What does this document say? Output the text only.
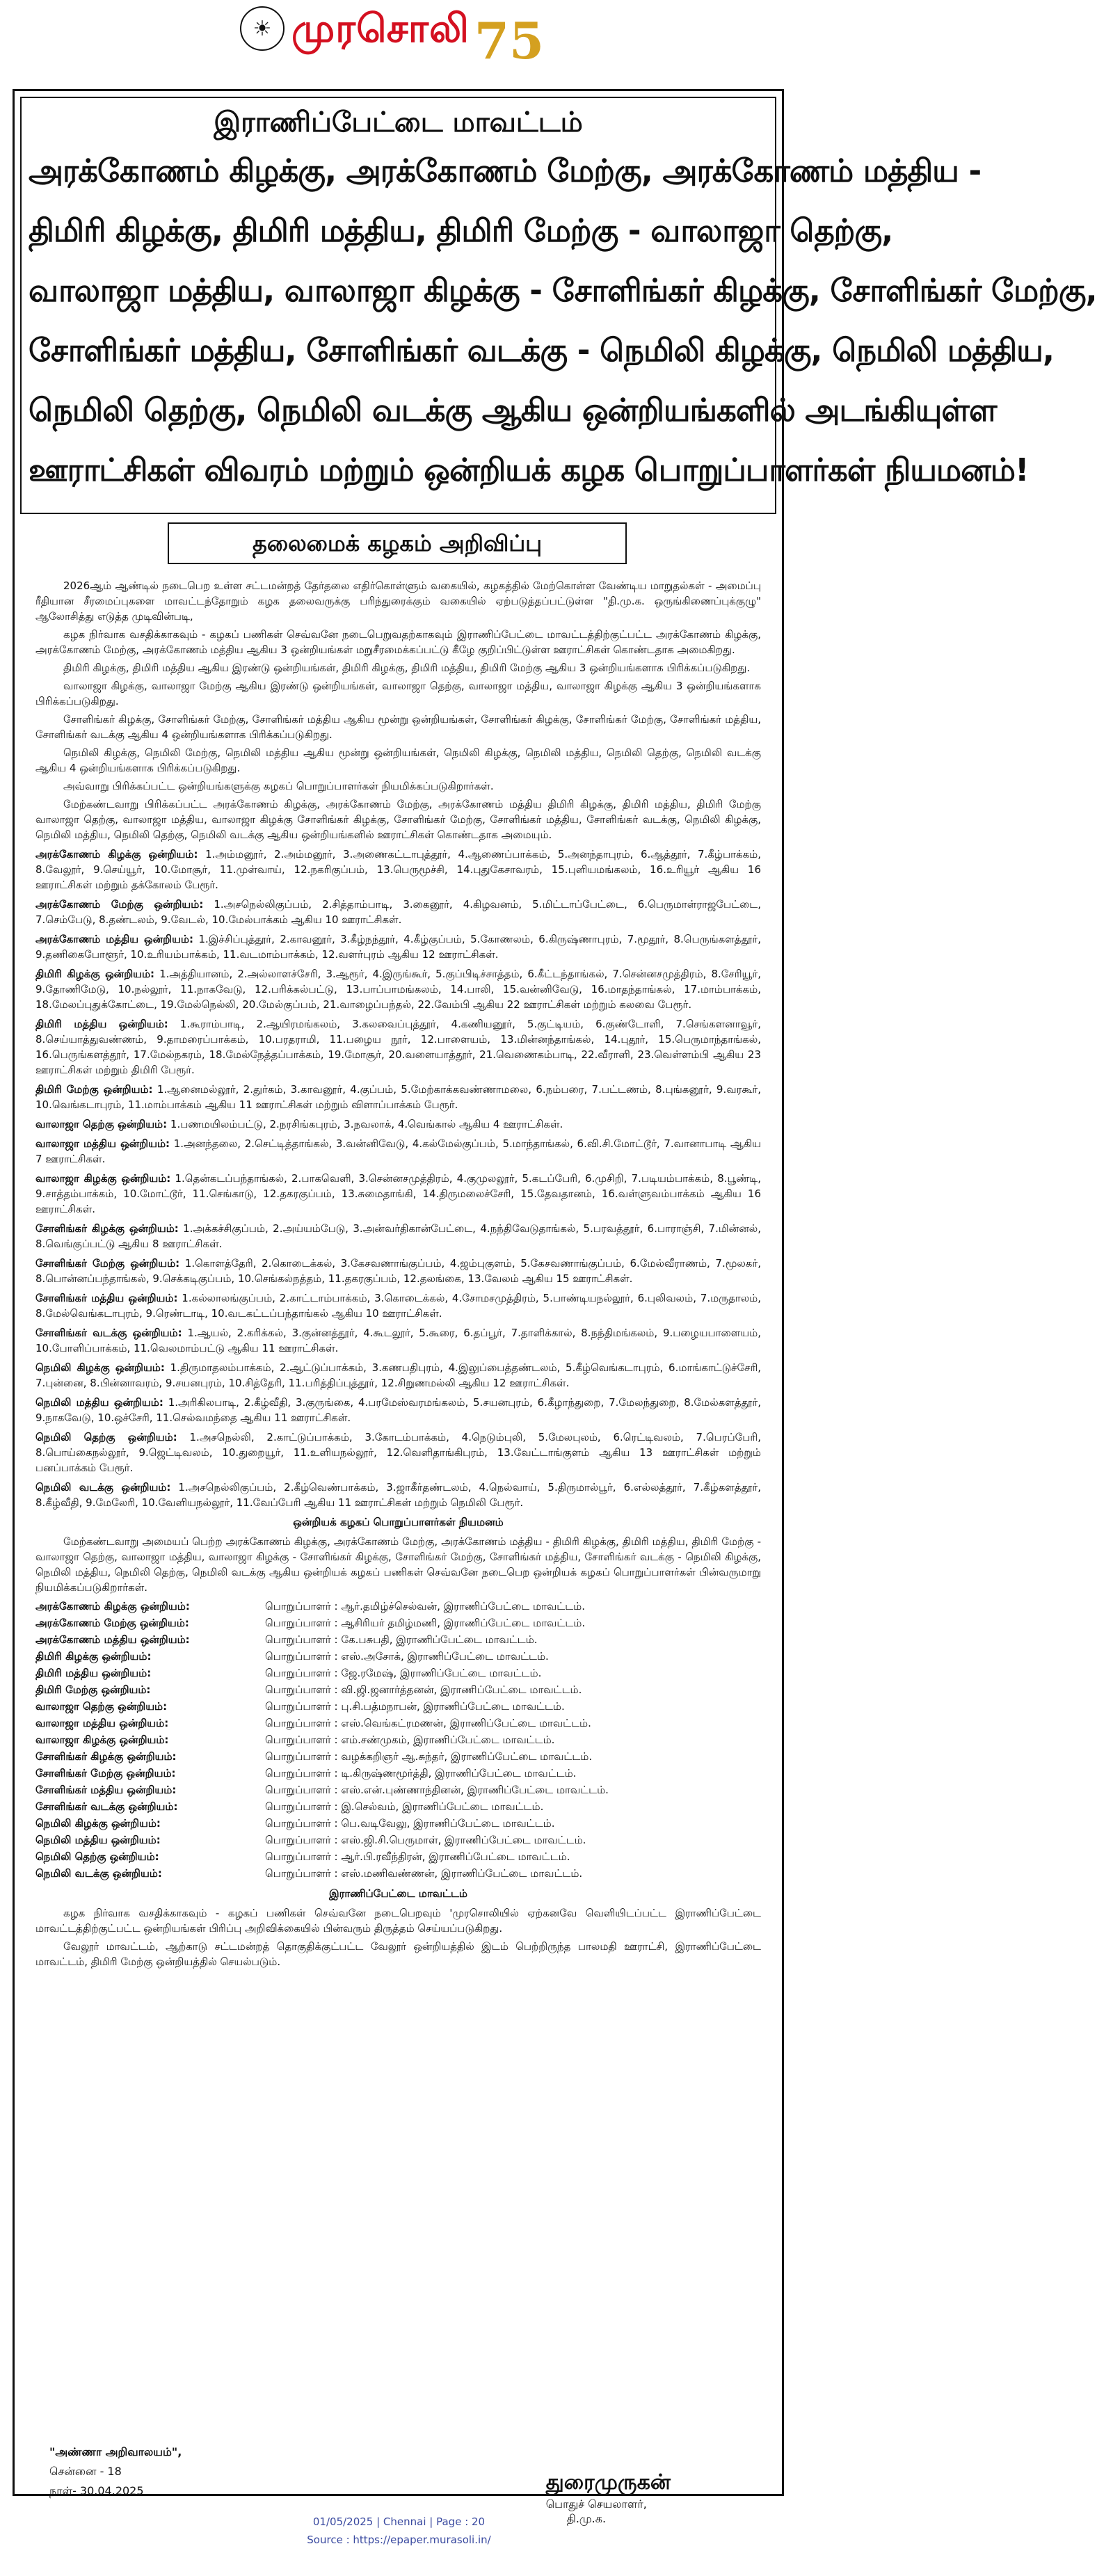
☀ முரசொலி 75
இராணிப்பேட்டை மாவட்டம்
அரக்கோணம் கிழக்கு, அரக்கோணம் மேற்கு, அரக்கோணம் மத்திய -
திமிரி கிழக்கு, திமிரி மத்திய, திமிரி மேற்கு - வாலாஜா தெற்கு,
வாலாஜா மத்திய, வாலாஜா கிழக்கு - சோளிங்கர் கிழக்கு, சோளிங்கர் மேற்கு,
சோளிங்கர் மத்திய, சோளிங்கர் வடக்கு - நெமிலி கிழக்கு, நெமிலி மத்திய,
நெமிலி தெற்கு, நெமிலி வடக்கு ஆகிய ஒன்றியங்களில் அடங்கியுள்ள
ஊராட்சிகள் விவரம் மற்றும் ஒன்றியக் கழக பொறுப்பாளர்கள் நியமனம்!
தலைமைக் கழகம் அறிவிப்பு

2026ஆம் ஆண்டில் நடைபெற உள்ள சட்டமன்றத் தேர்தலை எதிர்கொள்ளும் வகையில், கழகத்தில் மேற்கொள்ள வேண்டிய மாறுதல்கள் - அமைப்பு ரீதியான சீரமைப்புகளை மாவட்டந்தோறும் கழக தலைவருக்கு பரிந்துரைக்கும் வகையில் ஏற்படுத்தப்பட்டுள்ள "தி.மு.க. ஒருங்கிணைப்புக்குழு" ஆலோசித்து எடுத்த முடிவின்படி,

கழக நிர்வாக வசதிக்காகவும் - கழகப் பணிகள் செவ்வனே நடைபெறுவதற்காகவும் இராணிப்பேட்டை மாவட்டத்திற்குட்பட்ட அரக்கோணம் கிழக்கு, அரக்கோணம் மேற்கு, அரக்கோணம் மத்திய ஆகிய 3 ஒன்றியங்கள் மறுசீரமைக்கப்பட்டு கீழே குறிப்பிட்டுள்ள ஊராட்சிகள் கொண்டதாக அமைகிறது.

திமிரி கிழக்கு, திமிரி மத்திய ஆகிய இரண்டு ஒன்றியங்கள், திமிரி கிழக்கு, திமிரி மத்திய, திமிரி மேற்கு ஆகிய 3 ஒன்றியங்களாக பிரிக்கப்படுகிறது.

வாலாஜா கிழக்கு, வாலாஜா மேற்கு ஆகிய இரண்டு ஒன்றியங்கள், வாலாஜா தெற்கு, வாலாஜா மத்திய, வாலாஜா கிழக்கு ஆகிய 3 ஒன்றியங்களாக பிரிக்கப்படுகிறது.

சோளிங்கர் கிழக்கு, சோளிங்கர் மேற்கு, சோளிங்கர் மத்திய ஆகிய மூன்று ஒன்றியங்கள், சோளிங்கர் கிழக்கு, சோளிங்கர் மேற்கு, சோளிங்கர் மத்திய, சோளிங்கர் வடக்கு ஆகிய 4 ஒன்றியங்களாக பிரிக்கப்படுகிறது.

நெமிலி கிழக்கு, நெமிலி மேற்கு, நெமிலி மத்திய ஆகிய மூன்று ஒன்றியங்கள், நெமிலி கிழக்கு, நெமிலி மத்திய, நெமிலி தெற்கு, நெமிலி வடக்கு ஆகிய 4 ஒன்றியங்களாக பிரிக்கப்படுகிறது.

அவ்வாறு பிரிக்கப்பட்ட ஒன்றியங்களுக்கு கழகப் பொறுப்பாளர்கள் நியமிக்கப்படுகிறார்கள்.

மேற்கண்டவாறு பிரிக்கப்பட்ட அரக்கோணம் கிழக்கு, அரக்கோணம் மேற்கு, அரக்கோணம் மத்திய திமிரி கிழக்கு, திமிரி மத்திய, திமிரி மேற்கு வாலாஜா தெற்கு, வாலாஜா மத்திய, வாலாஜா கிழக்கு சோளிங்கர் கிழக்கு, சோளிங்கர் மேற்கு, சோளிங்கர் மத்திய, சோளிங்கர் வடக்கு, நெமிலி கிழக்கு, நெமிலி மத்திய, நெமிலி தெற்கு, நெமிலி வடக்கு ஆகிய ஒன்றியங்களில் ஊராட்சிகள் கொண்டதாக அமையும்.

அரக்கோணம் கிழக்கு ஒன்றியம்: 1.அம்மனூர், 2.அம்மனூர், 3.அணைகட்டாபுத்தூர், 4.ஆணைப்பாக்கம், 5.அனந்தாபுரம், 6.ஆத்தூர், 7.கீழ்பாக்கம், 8.வேலூர், 9.செய்யூர், 10.மோசூர், 11.முள்வாய், 12.நகரிகுப்பம், 13.பெருமூச்சி, 14.புதுகேசாவரம், 15.புளியமங்கலம், 16.உரியூர் ஆகிய 16 ஊராட்சிகள் மற்றும் தக்கோலம் பேரூர்.
அரக்கோணம் மேற்கு ஒன்றியம்: 1.அசநெல்லிகுப்பம், 2.சித்தாம்பாடி, 3.கைனூர், 4.கிழவனம், 5.மிட்டாப்பேட்டை, 6.பெருமாள்ராஜபேட்டை, 7.செம்பேடு, 8.தண்டலம், 9.வேடல், 10.மேல்பாக்கம் ஆகிய 10 ஊராட்சிகள்.
அரக்கோணம் மத்திய ஒன்றியம்: 1.இச்சிப்புத்தூர், 2.காவனூர், 3.கீழ்நந்தூர், 4.கீழ்குப்பம், 5.கோணலம், 6.கிருஷ்ணாபுரம், 7.மூதூர், 8.பெருங்களத்தூர், 9.தணிகைபோளூர், 10.உரியம்பாக்கம், 11.வடமாம்பாக்கம், 12.வளர்புரம் ஆகிய 12 ஊராட்சிகள்.
திமிரி கிழக்கு ஒன்றியம்: 1.அத்தியானம், 2.அல்லாளச்சேரி, 3.ஆரூர், 4.இருங்கூர், 5.குப்பிடிச்சாத்தம், 6.கீட்டந்தாங்கல், 7.சென்னசமுத்திரம், 8.சேரியூர், 9.தோணிமேடு, 10.நல்லூர், 11.நாகவேடு, 12.பரிக்கல்பட்டு, 13.பாப்பாமங்கலம், 14.பாலி, 15.வன்னிவேடு, 16.மாதந்தாங்கல், 17.மாம்பாக்கம், 18.மேலப்புதுக்கோட்டை, 19.மேல்நெல்லி, 20.மேல்குப்பம், 21.வாழைப்பந்தல், 22.வேம்பி ஆகிய 22 ஊராட்சிகள் மற்றும் கலவை பேரூர்.
திமிரி மத்திய ஒன்றியம்: 1.கூராம்பாடி, 2.ஆயிரமங்கலம், 3.கலவைப்புத்தூர், 4.கணியனூர், 5.குட்டியம், 6.குண்டோளி, 7.செங்களனாவூர், 8.செய்யாத்துவண்ணம், 9.தாமரைப்பாக்கம், 10.பரதராமி, 11.பழைய நூர், 12.பாளையம், 13.மின்னந்தாங்கல், 14.புதூர், 15.பெருமாந்தாங்கல், 16.பெருங்களத்தூர், 17.மேல்நகரம், 18.மேல்நேத்தப்பாக்கம், 19.மோசூர், 20.வளையாத்தூர், 21.வெணைகம்பாடி, 22.வீராளி, 23.வெள்ளம்பி ஆகிய 23 ஊராட்சிகள் மற்றும் திமிரி பேரூர்.
திமிரி மேற்கு ஒன்றியம்: 1.ஆனைமல்லூர், 2.துர்கம், 3.காவனூர், 4.குப்பம், 5.மேற்காக்கவண்ணாமலை, 6.நம்பரை, 7.பட்டணம், 8.புங்கனூர், 9.வரகூர், 10.வெங்கடாபுரம், 11.மாம்பாக்கம் ஆகிய 11 ஊராட்சிகள் மற்றும் விளாப்பாக்கம் பேரூர்.
வாலாஜா தெற்கு ஒன்றியம்: 1.பணமயிலம்பட்டு, 2.நரசிங்கபுரம், 3.நவலாக், 4.வெங்கால் ஆகிய 4 ஊராட்சிகள்.
வாலாஜா மத்திய ஒன்றியம்: 1.அனந்தலை, 2.செட்டித்தாங்கல், 3.வன்னிவேடு, 4.கல்மேல்குப்பம், 5.மாந்தாங்கல், 6.வி.சி.மோட்டூர், 7.வானாபாடி ஆகிய 7 ஊராட்சிகள்.
வாலாஜா கிழக்கு ஒன்றியம்: 1.தென்கடப்பந்தாங்கல், 2.பாகவெளி, 3.சென்னசமுத்திரம், 4.குமுலலூர், 5.கடப்பேரி, 6.முசிறி, 7.படியம்பாக்கம், 8.பூண்டி, 9.சாத்தம்பாக்கம், 10.மோட்டூர், 11.செங்காடு, 12.தகரகுப்பம், 13.சுமைதாங்கி, 14.திருமலைச்சேரி, 15.தேவதானம், 16.வள்ளுவம்பாக்கம் ஆகிய 16 ஊராட்சிகள்.
சோளிங்கர் கிழக்கு ஒன்றியம்: 1.அக்கச்சிகுப்பம், 2.அய்யம்பேடு, 3.அன்வர்திகான்பேட்டை, 4.நந்திவேடுதாங்கல், 5.பரவத்தூர், 6.பாராஞ்சி, 7.மின்னல், 8.வெங்குப்பட்டு ஆகிய 8 ஊராட்சிகள்.
சோளிங்கர் மேற்கு ஒன்றியம்: 1.கொளத்தேரி, 2.கொடைக்கல், 3.கேசவணாங்குப்பம், 4.ஜம்புகுளம், 5.கேசவணாங்குப்பம், 6.மேல்வீராணம், 7.மூலகர், 8.பொன்னப்பந்தாங்கல், 9.செக்கடிகுப்பம், 10.செங்கல்நத்தம், 11.தகரகுப்பம், 12.தலங்கை, 13.வேலம் ஆகிய 15 ஊராட்சிகள்.
சோளிங்கர் மத்திய ஒன்றியம்: 1.கல்லாலங்குப்பம், 2.காட்டாம்பாக்கம், 3.கொடைக்கல், 4.சோமசமுத்திரம், 5.பாண்டியநல்லூர், 6.புலிவலம், 7.மருதாலம், 8.மேல்வெங்கடாபுரம், 9.ரெண்டாடி, 10.வடகட்டப்பந்தாங்கல் ஆகிய 10 ஊராட்சிகள்.
சோளிங்கர் வடக்கு ஒன்றியம்: 1.ஆயல், 2.கரிக்கல், 3.குன்னத்தூர், 4.கூடலூர், 5.கூரை, 6.தப்பூர், 7.தாளிக்கால், 8.நந்திமங்கலம், 9.பழையபாளையம், 10.போளிப்பாக்கம், 11.வெலமாம்பட்டு ஆகிய 11 ஊராட்சிகள்.
நெமிலி கிழக்கு ஒன்றியம்: 1.திருமாதலம்பாக்கம், 2.ஆட்டுப்பாக்கம், 3.கணபதிபுரம், 4.இலுப்பைத்தண்டலம், 5.கீழ்வெங்கடாபுரம், 6.மாங்காட்டுச்சேரி, 7.புன்னை, 8.பின்னாவரம், 9.சயனபுரம், 10.சித்தேரி, 11.பரித்திப்புத்தூர், 12.சிறுணமல்லி ஆகிய 12 ஊராட்சிகள்.
நெமிலி மத்திய ஒன்றியம்: 1.அரிகிலபாடி, 2.கீழ்வீதி, 3.குருங்கை, 4.பரமேஸ்வரமங்கலம், 5.சயனபுரம், 6.கீழாந்துறை, 7.மேலந்துறை, 8.மேல்களத்தூர், 9.நாகவேடு, 10.ஒச்சேரி, 11.செல்வமந்தை ஆகிய 11 ஊராட்சிகள்.
நெமிலி தெற்கு ஒன்றியம்: 1.அசநெல்லி, 2.காட்டுப்பாக்கம், 3.கோடம்பாக்கம், 4.நெடும்புலி, 5.மேலபுலம், 6.ரெட்டிவலம், 7.பெரப்பேரி, 8.பொய்கைநல்லூர், 9.ஜெட்டிவலம், 10.துறையூர், 11.உளியநல்லூர், 12.வெளிதாங்கிபுரம், 13.வேட்டாங்குளம் ஆகிய 13 ஊராட்சிகள் மற்றும் பனப்பாக்கம் பேரூர்.
நெமிலி வடக்கு ஒன்றியம்: 1.அசநெல்லிகுப்பம், 2.கீழ்வெண்பாக்கம், 3.ஜாகீர்தண்டலம், 4.நெல்வாய், 5.திருமால்பூர், 6.எல்லத்தூர், 7.கீழ்களத்தூர், 8.கீழ்வீதி, 9.மேலேரி, 10.வேளியநல்லூர், 11.வேப்பேரி ஆகிய 11 ஊராட்சிகள் மற்றும் நெமிலி பேரூர்.
ஒன்றியக் கழகப் பொறுப்பாளர்கள் நியமனம்

மேற்கண்டவாறு அமையப் பெற்ற அரக்கோணம் கிழக்கு, அரக்கோணம் மேற்கு, அரக்கோணம் மத்திய - திமிரி கிழக்கு, திமிரி மத்திய, திமிரி மேற்கு - வாலாஜா தெற்கு, வாலாஜா மத்திய, வாலாஜா கிழக்கு - சோளிங்கர் கிழக்கு, சோளிங்கர் மேற்கு, சோளிங்கர் மத்திய, சோளிங்கர் வடக்கு - நெமிலி கிழக்கு, நெமிலி மத்திய, நெமிலி தெற்கு, நெமிலி வடக்கு ஆகிய ஒன்றியக் கழகப் பணிகள் செவ்வனே நடைபெற ஒன்றியக் கழகப் பொறுப்பாளர்கள் பின்வருமாறு நியமிக்கப்படுகிறார்கள்.

அரக்கோணம் கிழக்கு ஒன்றியம்:	பொறுப்பாளர் : ஆர்.தமிழ்ச்செல்வன், இராணிப்பேட்டை மாவட்டம்.
அரக்கோணம் மேற்கு ஒன்றியம்:	பொறுப்பாளர் : ஆசிரியர் தமிழ்மணி, இராணிப்பேட்டை மாவட்டம்.
அரக்கோணம் மத்திய ஒன்றியம்:	பொறுப்பாளர் : கே.பசுபதி, இராணிப்பேட்டை மாவட்டம்.
திமிரி கிழக்கு ஒன்றியம்:	பொறுப்பாளர் : எஸ்.அசோக், இராணிப்பேட்டை மாவட்டம்.
திமிரி மத்திய ஒன்றியம்:	பொறுப்பாளர் : ஜே.ரமேஷ், இராணிப்பேட்டை மாவட்டம்.
திமிரி மேற்கு ஒன்றியம்:	பொறுப்பாளர் : வி.ஜி.ஜனார்த்தனன், இராணிப்பேட்டை மாவட்டம்.
வாலாஜா தெற்கு ஒன்றியம்:	பொறுப்பாளர் : பு.சி.பத்மநாபன், இராணிப்பேட்டை மாவட்டம்.
வாலாஜா மத்திய ஒன்றியம்:	பொறுப்பாளர் : எஸ்.வெங்கட்ரமணன், இராணிப்பேட்டை மாவட்டம்.
வாலாஜா கிழக்கு ஒன்றியம்:	பொறுப்பாளர் : எம்.சண்முகம், இராணிப்பேட்டை மாவட்டம்.
சோளிங்கர் கிழக்கு ஒன்றியம்:	பொறுப்பாளர் : வழக்கறிஞர் ஆ.சுந்தர், இராணிப்பேட்டை மாவட்டம்.
சோளிங்கர் மேற்கு ஒன்றியம்:	பொறுப்பாளர் : டி.கிருஷ்ணமூர்த்தி, இராணிப்பேட்டை மாவட்டம்.
சோளிங்கர் மத்திய ஒன்றியம்:	பொறுப்பாளர் : எஸ்.என்.புண்ணாந்தினன், இராணிப்பேட்டை மாவட்டம்.
சோளிங்கர் வடக்கு ஒன்றியம்:	பொறுப்பாளர் : இ.செல்வம், இராணிப்பேட்டை மாவட்டம்.
நெமிலி கிழக்கு ஒன்றியம்:	பொறுப்பாளர் : பெ.வடிவேலு, இராணிப்பேட்டை மாவட்டம்.
நெமிலி மத்திய ஒன்றியம்:	பொறுப்பாளர் : எஸ்.ஜி.சி.பெருமாள், இராணிப்பேட்டை மாவட்டம்.
நெமிலி தெற்கு ஒன்றியம்:	பொறுப்பாளர் : ஆர்.பி.ரவீந்திரன், இராணிப்பேட்டை மாவட்டம்.
நெமிலி வடக்கு ஒன்றியம்:	பொறுப்பாளர் : எஸ்.மணிவண்ணன், இராணிப்பேட்டை மாவட்டம்.
இராணிப்பேட்டை மாவட்டம்

கழக நிர்வாக வசதிக்காகவும் - கழகப் பணிகள் செவ்வனே நடைபெறவும் 'முரசொலியில் ஏற்கனவே வெளியிடப்பட்ட இராணிப்பேட்டை மாவட்டத்திற்குட்பட்ட ஒன்றியங்கள் பிரிப்பு அறிவிக்கையில் பின்வரும் திருத்தம் செய்யப்படுகிறது.

வேலூர் மாவட்டம், ஆற்காடு சட்டமன்றத் தொகுதிக்குட்பட்ட வேலூர் ஒன்றியத்தில் இடம் பெற்றிருந்த பாலமதி ஊராட்சி, இராணிப்பேட்டை மாவட்டம், திமிரி மேற்கு ஒன்றியத்தில் செயல்படும்.

"அண்ணா அறிவாலயம்",
சென்னை - 18
நாள்- 30.04.2025	துரைமுருகன்
பொதுச் செயலாளர்,
தி.மு.க.
01/05/2025 | Chennai | Page : 20
Source : https://epaper.murasoli.in/
